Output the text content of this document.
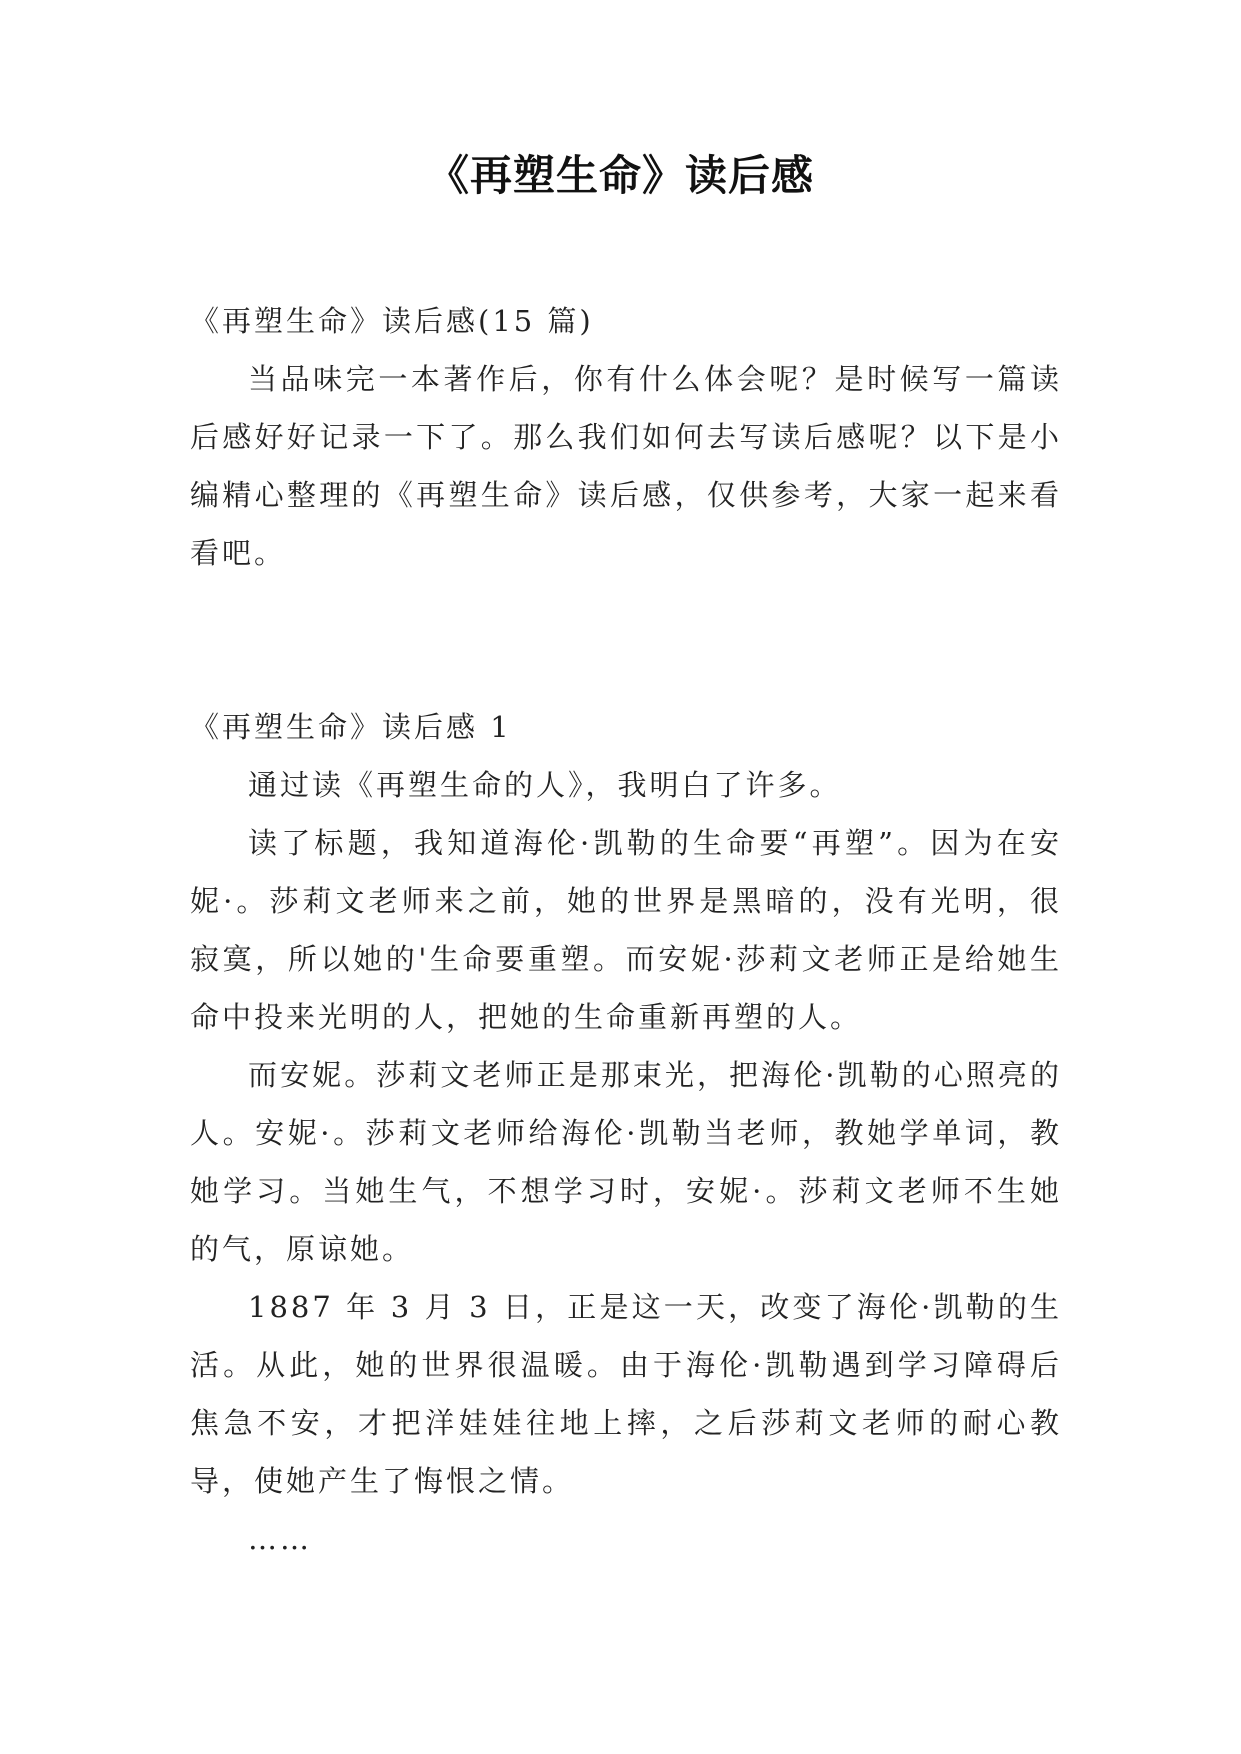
《再塑生命》读后感

《再塑生命》读后感(15 篇)

当品味完一本著作后，你有什么体会呢？是时候写一篇读后感好好记录一下了。那么我们如何去写读后感呢？以下是小编精心整理的《再塑生命》读后感，仅供参考，大家一起来看看吧。

《再塑生命》读后感 1

通过读《再塑生命的人》，我明白了许多。

读了标题，我知道海伦·凯勒的生命要“再塑”。因为在安妮·。莎莉文老师来之前，她的世界是黑暗的，没有光明，很寂寞，所以她的'生命要重塑。而安妮·莎莉文老师正是给她生命中投来光明的人，把她的生命重新再塑的人。

而安妮。莎莉文老师正是那束光，把海伦·凯勒的心照亮的人。安妮·。莎莉文老师给海伦·凯勒当老师，教她学单词，教她学习。当她生气，不想学习时，安妮·。莎莉文老师不生她的气，原谅她。

1887 年 3 月 3 日，正是这一天，改变了海伦·凯勒的生活。从此，她的世界很温暖。由于海伦·凯勒遇到学习障碍后焦急不安，才把洋娃娃往地上摔，之后莎莉文老师的耐心教导，使她产生了悔恨之情。

……
